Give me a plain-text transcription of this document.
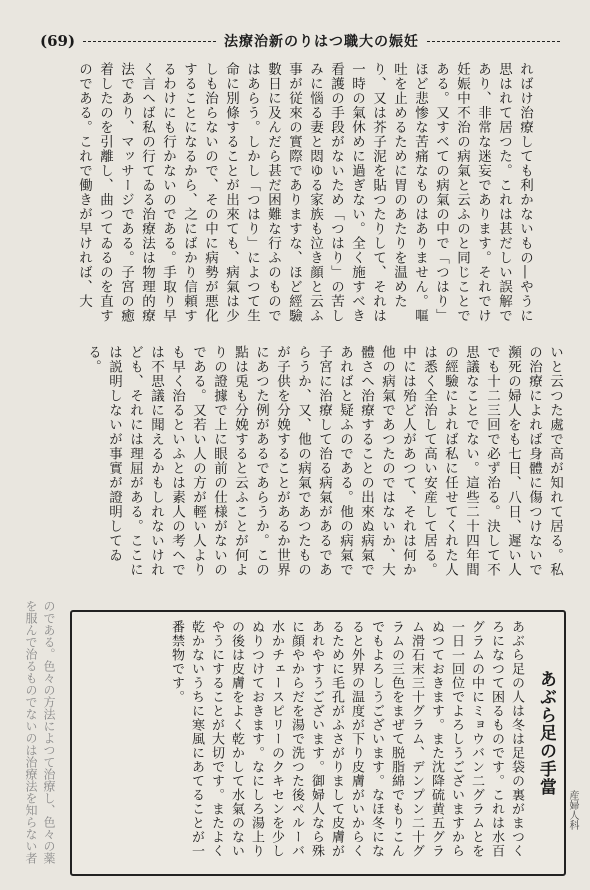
(69)	法療治新のりはつ職大の娠妊
ればけ治療しても利かないもの―やうに思はれて居つた。これは甚だしい誤解であり、非常な迷妄であります。それでけ妊娠中不治の病氣と云ふのと同じことである。又すべての病氣の中で「つはり」ほど悲惨な苦痛なものはありません。嘔吐を止めるために胃のあたりを温めたり、又は芥子泥を貼つたりして、それは一時の氣休めに過ぎない。全く施すべき看護の手段がないため「つはり」の苦しみに惱る妻と悶ゆる家族も泣き顔と云ふ事が従來の實際でありますな、ほど經驗數日に及んだら甚だ困難な行ふのものではあらう。しかし「つはり」によつて生命に別條することが出來ても、病氣は少しも治らないので、その中に病勢が悪化することになるから、之にばかり信頼するわけにも行かないのである。手取り早く言へば私の行てゐる治療法は物理的療法であり、マッサージである。子宮の癒着したのを引離し、曲つてゐるのを直すのである。これで働きが早ければ、大
いと云つた處で高が知れて居る。私の治療によれば身體に傷つけないで瀕死の婦人をも七日、八日、遲い人でも十二三回で必ず治る。決して不思議なことでない。這些二十四年間の經驗によれば私に任せてくれた人は悉く全治して高い安産して居る。中には殆ど人があつて、それは何か他の病氣であつたのではないか、大體さへ治療することの出來ぬ病氣であればと疑ふのである。他の病氣で子宮に治療して治る病氣があるであらうか、又、他の病氣であつたものが子供を分娩することがあるか世界にあつた例があるであらうか。この點は兎も分娩すると云ふことが何よりの證據で上に眼前の仕様がないのである。又若い人の方が輕い人よりも早く治るといふとは素人の考へでは不思議に聞えるかもしれないけれども、それには理屈がある。ここには説明しないが事實が證明してゐる。
のである。色々の方法によつて治療し、色々の薬を服んで治るものでないのは治療法を知らない者	あぶら足の手當
あぶら足の人は冬は足袋の裏がまつくろになつて困るものです。これは水百グラムの中にミョウバン二グラムとを一日一回位でよろしうございますからぬつておきます。また沈降硫黄五グラム滑石末三十グラム、デンプン二十グラムの三色をまぜて脱脂綿でもりこんでもよろしうございます。なほ冬になると外界の温度が下り皮膚がいからくるために毛孔がふさがりまして皮膚があれやすうございます。御婦人なら殊に顔やからだを湯で洗つた後ペルーバ水かチェースピリーのクキセンを少しぬりつけておきます。なにしろ湯上りの後は皮膚をよく乾かして水氣のないやうにすることが大切です。またよく乾かないうちに寒風にあてることが一番禁物です。
産婦人科
